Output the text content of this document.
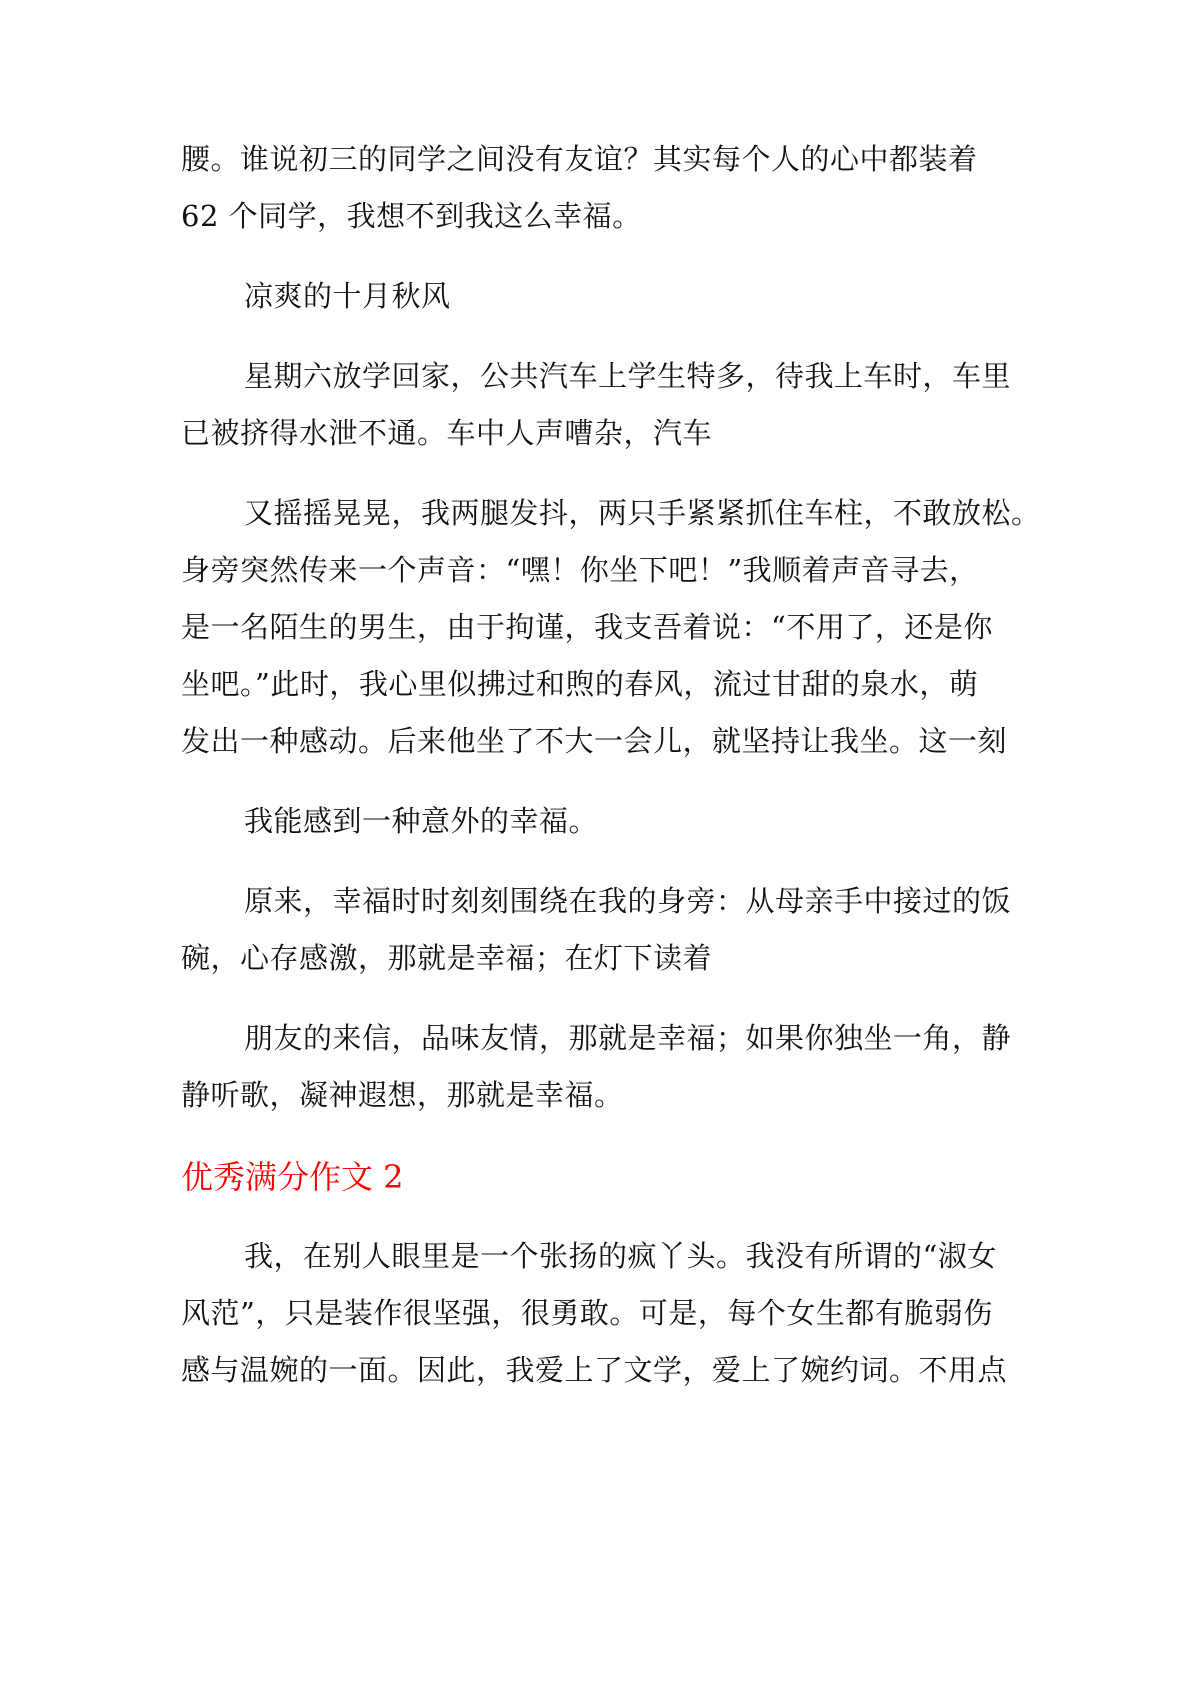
腰。谁说初三的同学之间没有友谊？其实每个人的心中都装着
62 个同学，我想不到我这么幸福。
凉爽的十月秋风
星期六放学回家，公共汽车上学生特多，待我上车时，车里
已被挤得水泄不通。车中人声嘈杂，汽车
又摇摇晃晃，我两腿发抖，两只手紧紧抓住车柱，不敢放松。
身旁突然传来一个声音：“嘿！你坐下吧！”我顺着声音寻去，
是一名陌生的男生，由于拘谨，我支吾着说：“不用了，还是你
坐吧。”此时，我心里似拂过和煦的春风，流过甘甜的泉水，萌
发出一种感动。后来他坐了不大一会儿，就坚持让我坐。这一刻
我能感到一种意外的幸福。
原来，幸福时时刻刻围绕在我的身旁：从母亲手中接过的饭
碗，心存感激，那就是幸福；在灯下读着
朋友的来信，品味友情，那就是幸福；如果你独坐一角，静
静听歌，凝神遐想，那就是幸福。
优秀满分作文 2
我，在别人眼里是一个张扬的疯丫头。我没有所谓的“淑女
风范”，只是装作很坚强，很勇敢。可是，每个女生都有脆弱伤
感与温婉的一面。因此，我爱上了文学，爱上了婉约词。不用点
